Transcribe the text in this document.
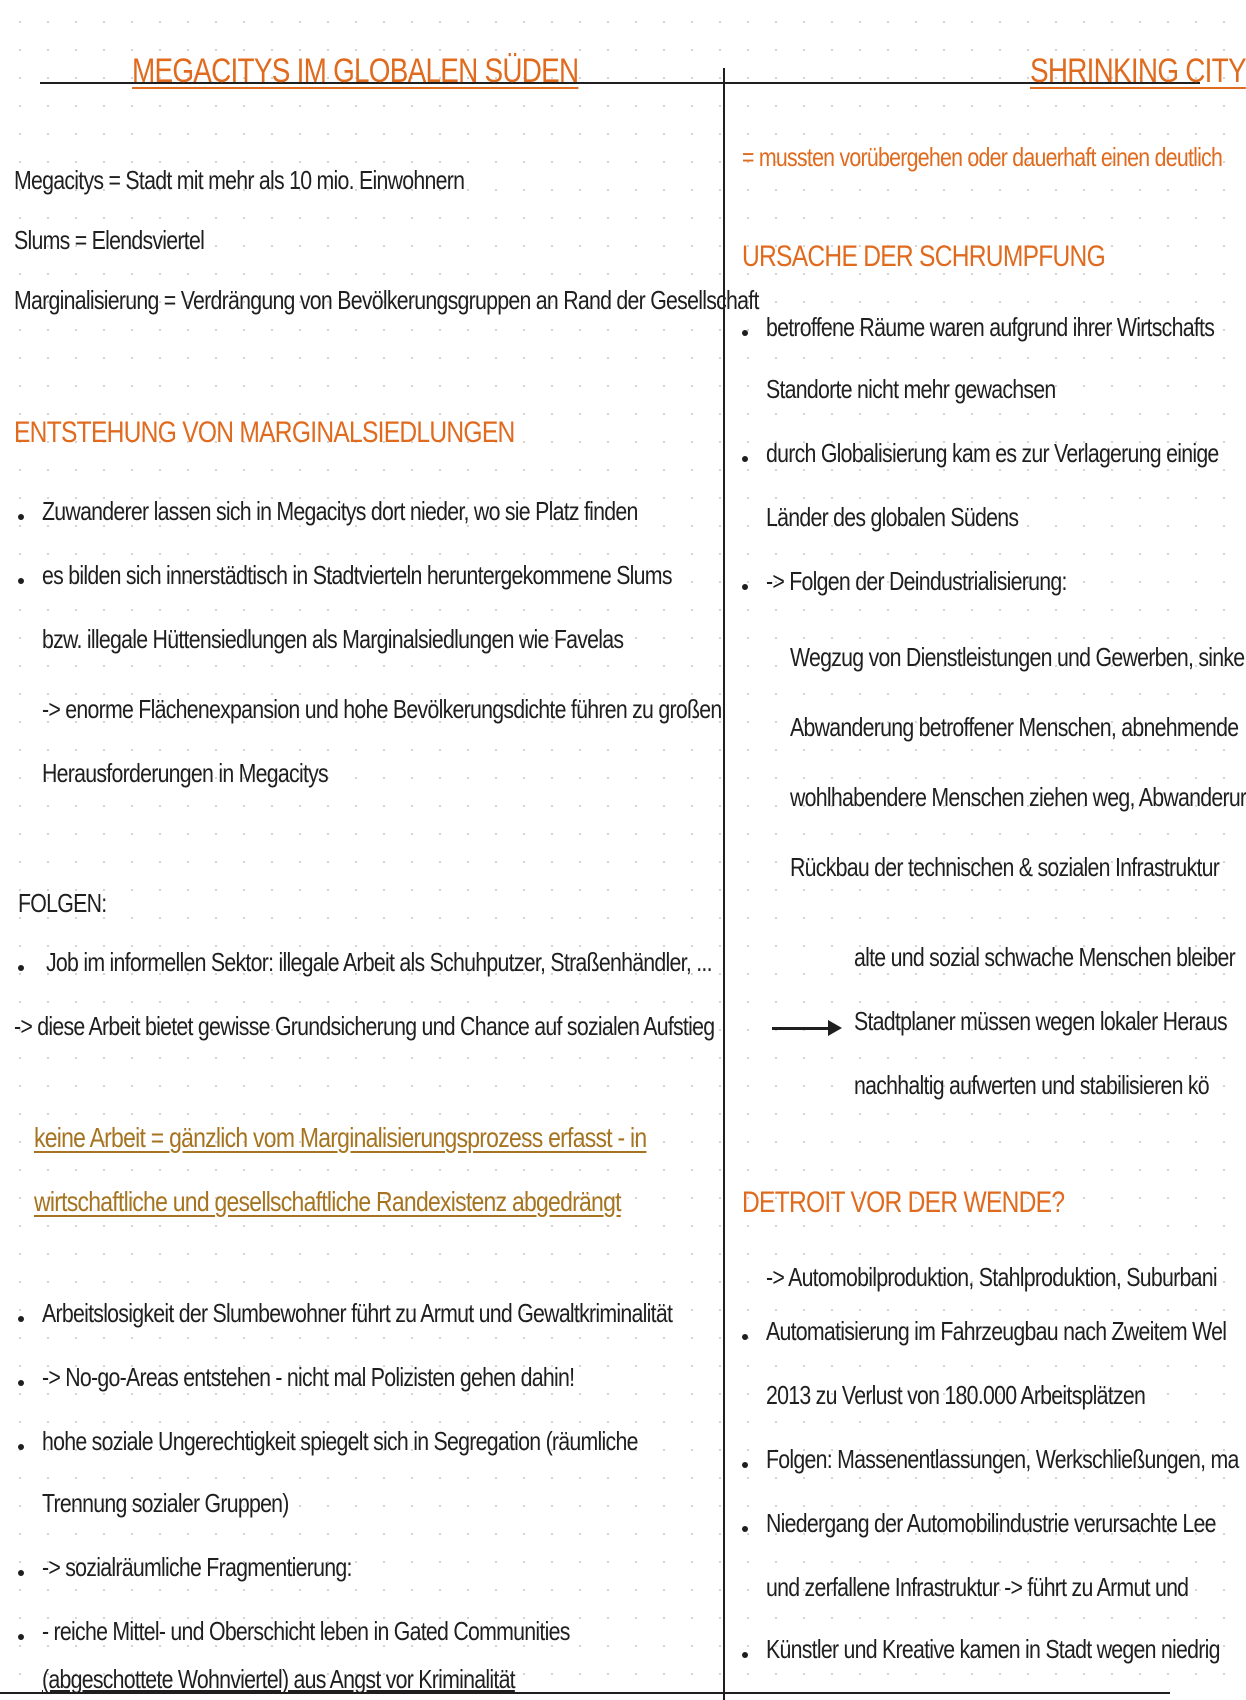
MEGACITYS IM GLOBALEN SÜDEN
Megacitys = Stadt mit mehr als 10 mio. Einwohnern
Slums = Elendsviertel
Marginalisierung = Verdrängung von Bevölkerungsgruppen an Rand der Gesellschaft
ENTSTEHUNG VON MARGINALSIEDLUNGEN
Zuwanderer lassen sich in Megacitys dort nieder, wo sie Platz finden
es bilden sich innerstädtisch in Stadtvierteln heruntergekommene Slums
bzw. illegale Hüttensiedlungen als Marginalsiedlungen wie Favelas
-> enorme Flächenexpansion und hohe Bevölkerungsdichte führen zu großen
Herausforderungen in Megacitys
FOLGEN:
Job im informellen Sektor: illegale Arbeit als Schuhputzer, Straßenhändler, ...
-> diese Arbeit bietet gewisse Grundsicherung und Chance auf sozialen Aufstieg
keine Arbeit = gänzlich vom Marginalisierungsprozess erfasst - in
wirtschaftliche und gesellschaftliche Randexistenz abgedrängt
Arbeitslosigkeit der Slumbewohner führt zu Armut und Gewaltkriminalität
-> No-go-Areas entstehen - nicht mal Polizisten gehen dahin!
hohe soziale Ungerechtigkeit spiegelt sich in Segregation (räumliche
Trennung sozialer Gruppen)
-> sozialräumliche Fragmentierung:
- reiche Mittel- und Oberschicht leben in Gated Communities
(abgeschottete Wohnviertel) aus Angst vor Kriminalität
SHRINKING CITY
= mussten vorübergehen oder dauerhaft einen deutlich
URSACHE DER SCHRUMPFUNG
betroffene Räume waren aufgrund ihrer Wirtschafts
Standorte nicht mehr gewachsen
durch Globalisierung kam es zur Verlagerung einige
Länder des globalen Südens
-> Folgen der Deindustrialisierung:
Wegzug von Dienstleistungen und Gewerben, sinke
Abwanderung betroffener Menschen, abnehmende
wohlhabendere Menschen ziehen weg, Abwanderur
Rückbau der technischen & sozialen Infrastruktur
alte und sozial schwache Menschen bleiber
Stadtplaner müssen wegen lokaler Heraus
nachhaltig aufwerten und stabilisieren kö
DETROIT VOR DER WENDE?
-> Automobilproduktion, Stahlproduktion, Suburbani
Automatisierung im Fahrzeugbau nach Zweitem Wel
2013 zu Verlust von 180.000 Arbeitsplätzen
Folgen: Massenentlassungen, Werkschließungen, ma
Niedergang der Automobilindustrie verursachte Lee
und zerfallene Infrastruktur -> führt zu Armut und
Künstler und Kreative kamen in Stadt wegen niedrig
